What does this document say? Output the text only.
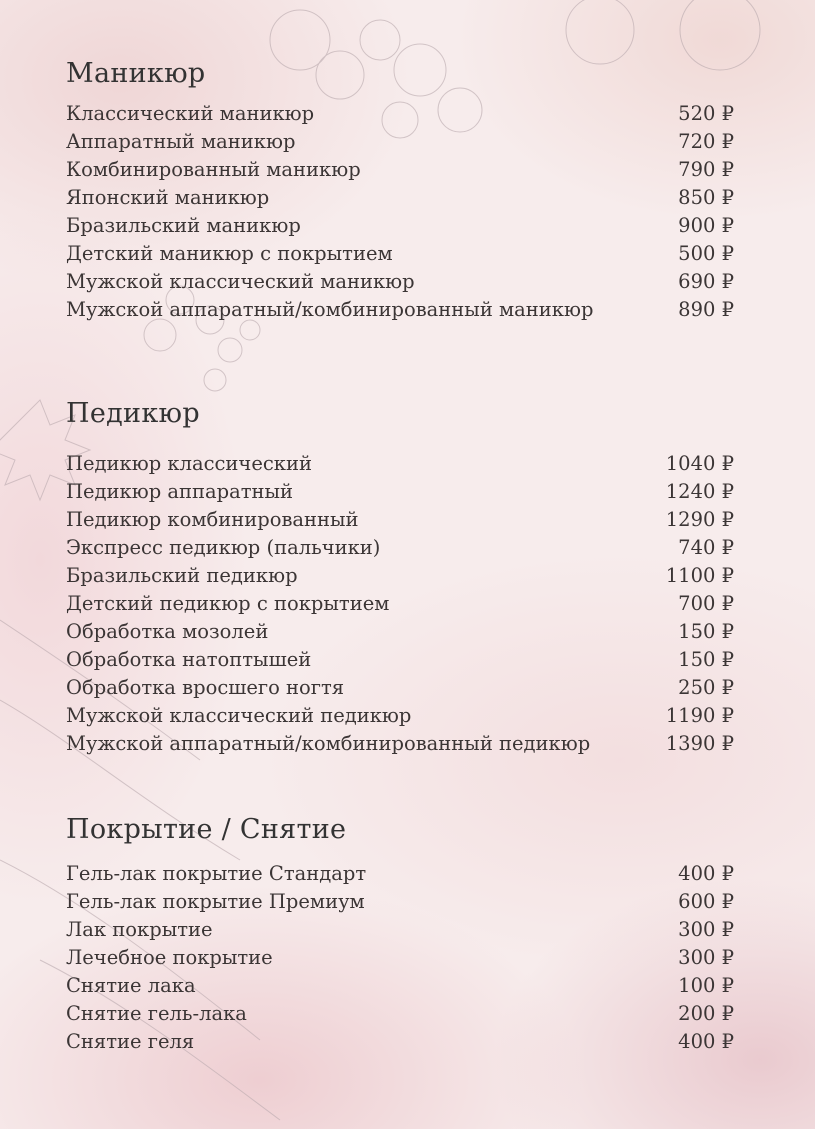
Маникюр
Классический маникюр	520 ₽
Аппаратный маникюр	720 ₽
Комбинированный маникюр	790 ₽
Японский маникюр	850 ₽
Бразильский маникюр	900 ₽
Детский маникюр с покрытием	500 ₽
Мужской классический маникюр	690 ₽
Мужской аппаратный/комбинированный маникюр	890 ₽
Педикюр
Педикюр классический	1040 ₽
Педикюр аппаратный	1240 ₽
Педикюр комбинированный	1290 ₽
Экспресс педикюр (пальчики)	740 ₽
Бразильский педикюр	1100 ₽
Детский педикюр с покрытием	700 ₽
Обработка мозолей	150 ₽
Обработка натоптышей	150 ₽
Обработка вросшего ногтя	250 ₽
Мужской классический педикюр	1190 ₽
Мужской аппаратный/комбинированный педикюр	1390 ₽
Покрытие / Снятие
Гель-лак покрытие Стандарт	400 ₽
Гель-лак покрытие Премиум	600 ₽
Лак покрытие	300 ₽
Лечебное покрытие	300 ₽
Снятие лака	100 ₽
Снятие гель-лака	200 ₽
Снятие геля	400 ₽
